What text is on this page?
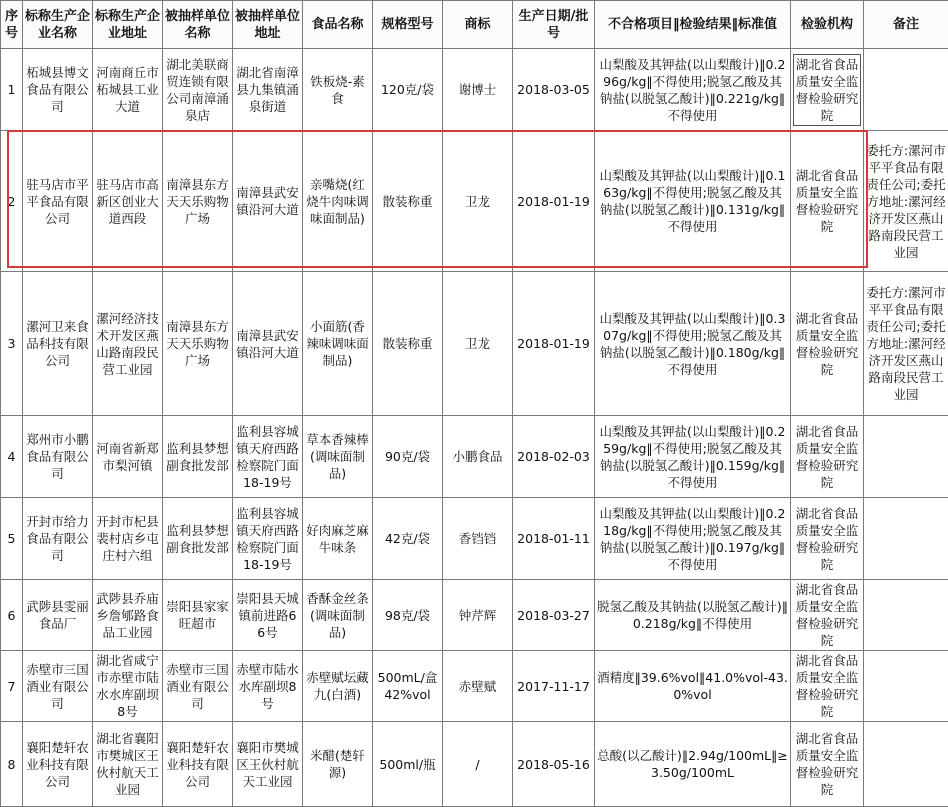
序号	标称生产企业名称	标称生产企业地址	被抽样单位名称	被抽样单位地址	食品名称	规格型号	商标	生产日期/批号	不合格项目‖检验结果‖标准值	检验机构	备注
1	柘城县博文食品有限公司	河南商丘市柘城县工业大道	湖北美联商贸连锁有限公司南漳涌泉店	湖北省南漳县九集镇涌泉街道	铁板烧-素食	120克/袋	谢博士	2018-03-05	山梨酸及其钾盐(以山梨酸计)‖0.296g/kg‖不得使用;脱氢乙酸及其钠盐(以脱氢乙酸计)‖0.221g/kg‖不得使用	湖北省食品质量安全监督检验研究院	

2	驻马店市平平食品有限公司	驻马店市高新区创业大道西段	南漳县东方天天乐购物广场	南漳县武安镇沿河大道	亲嘴烧(红烧牛肉味调味面制品)	散装称重	卫龙	2018-01-19	山梨酸及其钾盐(以山梨酸计)‖0.163g/kg‖不得使用;脱氢乙酸及其钠盐(以脱氢乙酸计)‖0.131g/kg‖不得使用	湖北省食品质量安全监督检验研究院	委托方:漯河市平平食品有限责任公司;委托方地址:漯河经济开发区燕山路南段民营工业园
3	漯河卫来食品科技有限公司	漯河经济技术开发区燕山路南段民营工业园	南漳县东方天天乐购物广场	南漳县武安镇沿河大道	小面筋(香辣味调味面制品)	散装称重	卫龙	2018-01-19	山梨酸及其钾盐(以山梨酸计)‖0.307g/kg‖不得使用;脱氢乙酸及其钠盐(以脱氢乙酸计)‖0.180g/kg‖不得使用	湖北省食品质量安全监督检验研究院	委托方:漯河市平平食品有限责任公司;委托方地址:漯河经济开发区燕山路南段民营工业园
4	郑州市小鹏食品有限公司	河南省新郑市梨河镇	监利县梦想副食批发部	监利县容城镇天府西路检察院门面18-19号	草本香辣棒(调味面制品)	90克/袋	小鹏食品	2018-02-03	山梨酸及其钾盐(以山梨酸计)‖0.259g/kg‖不得使用;脱氢乙酸及其钠盐(以脱氢乙酸计)‖0.159g/kg‖不得使用	湖北省食品质量安全监督检验研究院	
5	开封市给力食品有限公司	开封市杞县裴村店乡屯庄村六组	监利县梦想副食批发部	监利县容城镇天府西路检察院门面18-19号	好肉麻芝麻牛味条	42克/袋	香铛铛	2018-01-11	山梨酸及其钾盐(以山梨酸计)‖0.218g/kg‖不得使用;脱氢乙酸及其钠盐(以脱氢乙酸计)‖0.197g/kg‖不得使用	湖北省食品质量安全监督检验研究院	
6	武陟县雯丽食品厂	武陟县乔庙乡詹郇路食品工业园	崇阳县家家旺超市	崇阳县天城镇前进路66号	香酥金丝条(调味面制品)	98克/袋	钟芹辉	2018-03-27	脱氢乙酸及其钠盐(以脱氢乙酸计)‖0.218g/kg‖不得使用	湖北省食品质量安全监督检验研究院	
7	赤壁市三国酒业有限公司	湖北省咸宁市赤壁市陆水水库副坝8号	赤壁市三国酒业有限公司	赤壁市陆水水库副坝8号	赤壁赋坛藏九(白酒)	500mL/盒42%vol	赤壁赋	2017-11-17	酒精度‖39.6%vol‖41.0%vol-43.0%vol	湖北省食品质量安全监督检验研究院	
8	襄阳楚轩农业科技有限公司	湖北省襄阳市樊城区王伙村航天工业园	襄阳楚轩农业科技有限公司	襄阳市樊城区王伙村航天工业园	米醋(楚轩源)	500ml/瓶	/	2018-05-16	总酸(以乙酸计)‖2.94g/100mL‖≥3.50g/100mL	湖北省食品质量安全监督检验研究院	
